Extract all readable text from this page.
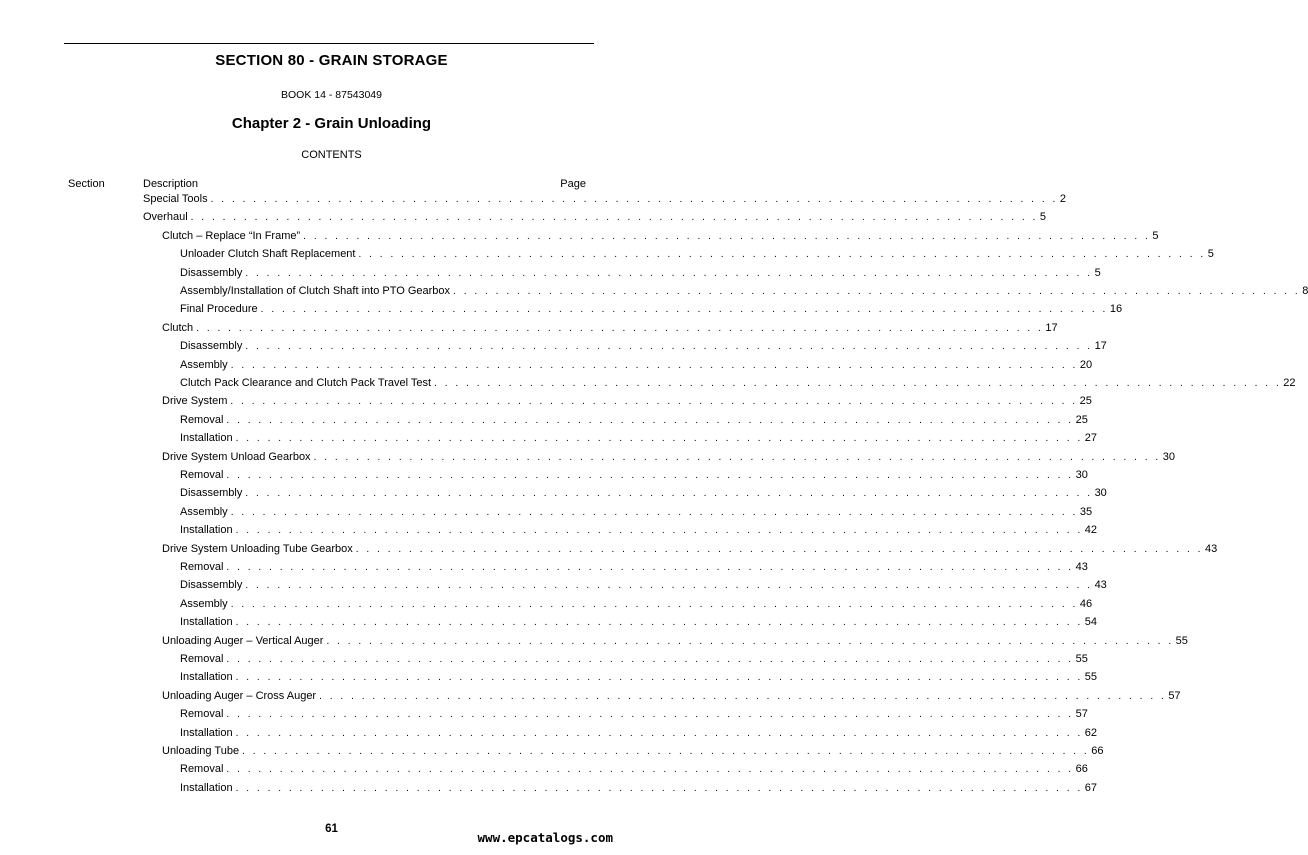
SECTION 80 - GRAIN STORAGE
BOOK 14 - 87543049
Chapter 2 - Grain Unloading
CONTENTS
Section	Description	Page
Special Tools . . . . . . . . . . . . . . . . . . . . . . . . . . . . . . . . . . . . . . . . . . . . . . . . . . . . . . . . . . . . . . . . . . . . . . . . . . . . . . . . 2
Overhaul . . . . . . . . . . . . . . . . . . . . . . . . . . . . . . . . . . . . . . . . . . . . . . . . . . . . . . . . . . . . . . . . . . . . . . . . . . . . . . . . 5
Clutch – Replace “In Frame” . . . . . . . . . . . . . . . . . . . . . . . . . . . . . . . . . . . . . . . . . . . . . . . . . . . . . . . . . . . . . . . . . . . . . . . . . . . . . . . . 5
Unloader Clutch Shaft Replacement . . . . . . . . . . . . . . . . . . . . . . . . . . . . . . . . . . . . . . . . . . . . . . . . . . . . . . . . . . . . . . . . . . . . . . . . . . . . . . . . 5
Disassembly . . . . . . . . . . . . . . . . . . . . . . . . . . . . . . . . . . . . . . . . . . . . . . . . . . . . . . . . . . . . . . . . . . . . . . . . . . . . . . . . 5
Assembly/Installation of Clutch Shaft into PTO Gearbox . . . . . . . . . . . . . . . . . . . . . . . . . . . . . . . . . . . . . . . . . . . . . . . . . . . . . . . . . . . . . . . . . . . . . . . . . . . . . . . . 8
Final Procedure . . . . . . . . . . . . . . . . . . . . . . . . . . . . . . . . . . . . . . . . . . . . . . . . . . . . . . . . . . . . . . . . . . . . . . . . . . . . . . . . 16
Clutch . . . . . . . . . . . . . . . . . . . . . . . . . . . . . . . . . . . . . . . . . . . . . . . . . . . . . . . . . . . . . . . . . . . . . . . . . . . . . . . . 17
Disassembly . . . . . . . . . . . . . . . . . . . . . . . . . . . . . . . . . . . . . . . . . . . . . . . . . . . . . . . . . . . . . . . . . . . . . . . . . . . . . . . . 17
Assembly . . . . . . . . . . . . . . . . . . . . . . . . . . . . . . . . . . . . . . . . . . . . . . . . . . . . . . . . . . . . . . . . . . . . . . . . . . . . . . . . 20
Clutch Pack Clearance and Clutch Pack Travel Test . . . . . . . . . . . . . . . . . . . . . . . . . . . . . . . . . . . . . . . . . . . . . . . . . . . . . . . . . . . . . . . . . . . . . . . . . . . . . . . . 22
Drive System . . . . . . . . . . . . . . . . . . . . . . . . . . . . . . . . . . . . . . . . . . . . . . . . . . . . . . . . . . . . . . . . . . . . . . . . . . . . . . . . 25
Removal . . . . . . . . . . . . . . . . . . . . . . . . . . . . . . . . . . . . . . . . . . . . . . . . . . . . . . . . . . . . . . . . . . . . . . . . . . . . . . . . 25
Installation . . . . . . . . . . . . . . . . . . . . . . . . . . . . . . . . . . . . . . . . . . . . . . . . . . . . . . . . . . . . . . . . . . . . . . . . . . . . . . . . 27
Drive System Unload Gearbox . . . . . . . . . . . . . . . . . . . . . . . . . . . . . . . . . . . . . . . . . . . . . . . . . . . . . . . . . . . . . . . . . . . . . . . . . . . . . . . . 30
Removal . . . . . . . . . . . . . . . . . . . . . . . . . . . . . . . . . . . . . . . . . . . . . . . . . . . . . . . . . . . . . . . . . . . . . . . . . . . . . . . . 30
Disassembly . . . . . . . . . . . . . . . . . . . . . . . . . . . . . . . . . . . . . . . . . . . . . . . . . . . . . . . . . . . . . . . . . . . . . . . . . . . . . . . . 30
Assembly . . . . . . . . . . . . . . . . . . . . . . . . . . . . . . . . . . . . . . . . . . . . . . . . . . . . . . . . . . . . . . . . . . . . . . . . . . . . . . . . 35
Installation . . . . . . . . . . . . . . . . . . . . . . . . . . . . . . . . . . . . . . . . . . . . . . . . . . . . . . . . . . . . . . . . . . . . . . . . . . . . . . . . 42
Drive System Unloading Tube Gearbox . . . . . . . . . . . . . . . . . . . . . . . . . . . . . . . . . . . . . . . . . . . . . . . . . . . . . . . . . . . . . . . . . . . . . . . . . . . . . . . . 43
Removal . . . . . . . . . . . . . . . . . . . . . . . . . . . . . . . . . . . . . . . . . . . . . . . . . . . . . . . . . . . . . . . . . . . . . . . . . . . . . . . . 43
Disassembly . . . . . . . . . . . . . . . . . . . . . . . . . . . . . . . . . . . . . . . . . . . . . . . . . . . . . . . . . . . . . . . . . . . . . . . . . . . . . . . . 43
Assembly . . . . . . . . . . . . . . . . . . . . . . . . . . . . . . . . . . . . . . . . . . . . . . . . . . . . . . . . . . . . . . . . . . . . . . . . . . . . . . . . 46
Installation . . . . . . . . . . . . . . . . . . . . . . . . . . . . . . . . . . . . . . . . . . . . . . . . . . . . . . . . . . . . . . . . . . . . . . . . . . . . . . . . 54
Unloading Auger – Vertical Auger . . . . . . . . . . . . . . . . . . . . . . . . . . . . . . . . . . . . . . . . . . . . . . . . . . . . . . . . . . . . . . . . . . . . . . . . . . . . . . . . 55
Removal . . . . . . . . . . . . . . . . . . . . . . . . . . . . . . . . . . . . . . . . . . . . . . . . . . . . . . . . . . . . . . . . . . . . . . . . . . . . . . . . 55
Installation . . . . . . . . . . . . . . . . . . . . . . . . . . . . . . . . . . . . . . . . . . . . . . . . . . . . . . . . . . . . . . . . . . . . . . . . . . . . . . . . 55
Unloading Auger – Cross Auger . . . . . . . . . . . . . . . . . . . . . . . . . . . . . . . . . . . . . . . . . . . . . . . . . . . . . . . . . . . . . . . . . . . . . . . . . . . . . . . . 57
Removal . . . . . . . . . . . . . . . . . . . . . . . . . . . . . . . . . . . . . . . . . . . . . . . . . . . . . . . . . . . . . . . . . . . . . . . . . . . . . . . . 57
Installation . . . . . . . . . . . . . . . . . . . . . . . . . . . . . . . . . . . . . . . . . . . . . . . . . . . . . . . . . . . . . . . . . . . . . . . . . . . . . . . . 62
Unloading Tube . . . . . . . . . . . . . . . . . . . . . . . . . . . . . . . . . . . . . . . . . . . . . . . . . . . . . . . . . . . . . . . . . . . . . . . . . . . . . . . . 66
Removal . . . . . . . . . . . . . . . . . . . . . . . . . . . . . . . . . . . . . . . . . . . . . . . . . . . . . . . . . . . . . . . . . . . . . . . . . . . . . . . . 66
Installation . . . . . . . . . . . . . . . . . . . . . . . . . . . . . . . . . . . . . . . . . . . . . . . . . . . . . . . . . . . . . . . . . . . . . . . . . . . . . . . . 67
61
www.epcatalogs.com
